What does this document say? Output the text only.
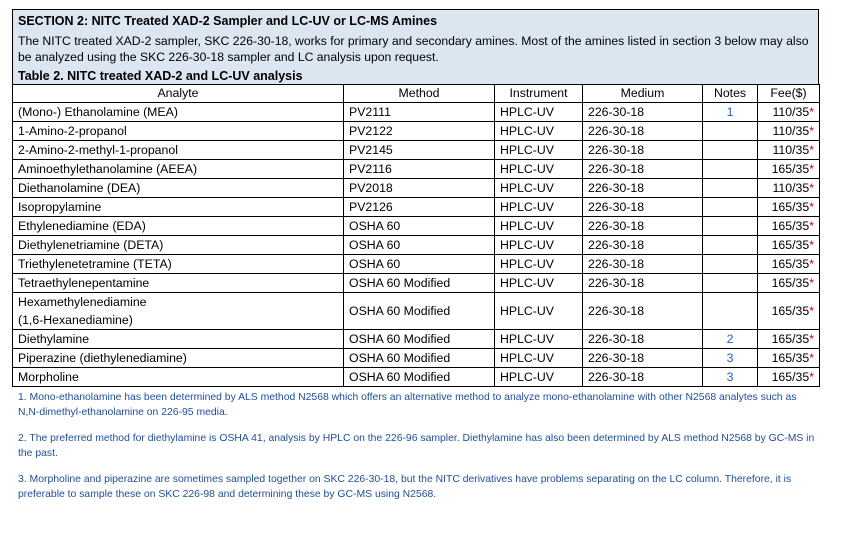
SECTION 2: NITC Treated XAD-2 Sampler and LC-UV or LC-MS Amines
The NITC treated XAD-2 sampler, SKC 226-30-18, works for primary and secondary amines. Most of the amines listed in section 3 below may also be analyzed using the SKC 226-30-18 sampler and LC analysis upon request.
Table 2. NITC treated XAD-2 and LC-UV analysis
Analyte	Method	Instrument	Medium	Notes	Fee($)
(Mono-) Ethanolamine (MEA)	PV2111	HPLC-UV	226-30-18	1	110/35*
1-Amino-2-propanol	PV2122	HPLC-UV	226-30-18		110/35*
2-Amino-2-methyl-1-propanol	PV2145	HPLC-UV	226-30-18		110/35*
Aminoethylethanolamine (AEEA)	PV2116	HPLC-UV	226-30-18		165/35*
Diethanolamine (DEA)	PV2018	HPLC-UV	226-30-18		110/35*
Isopropylamine	PV2126	HPLC-UV	226-30-18		165/35*
Ethylenediamine (EDA)	OSHA 60	HPLC-UV	226-30-18		165/35*
Diethylenetriamine (DETA)	OSHA 60	HPLC-UV	226-30-18		165/35*
Triethylenetetramine (TETA)	OSHA 60	HPLC-UV	226-30-18		165/35*
Tetraethylenepentamine	OSHA 60 Modified	HPLC-UV	226-30-18		165/35*
Hexamethylenediamine
(1,6-Hexanediamine)	OSHA 60 Modified	HPLC-UV	226-30-18		165/35*
Diethylamine	OSHA 60 Modified	HPLC-UV	226-30-18	2	165/35*
Piperazine (diethylenediamine)	OSHA 60 Modified	HPLC-UV	226-30-18	3	165/35*
Morpholine	OSHA 60 Modified	HPLC-UV	226-30-18	3	165/35*

1. Mono-ethanolamine has been determined by ALS method N2568 which offers an alternative method to analyze mono-ethanolamine with other N2568 analytes such as N,N-dimethyl-ethanolamine on 226-95 media.

2. The preferred method for diethylamine is OSHA 41, analysis by HPLC on the 226-96 sampler. Diethylamine has also been determined by ALS method N2568 by GC-MS in the past.

3. Morpholine and piperazine are sometimes sampled together on SKC 226-30-18, but the NITC derivatives have problems separating on the LC column. Therefore, it is preferable to sample these on SKC 226-98 and determining these by GC-MS using N2568.
